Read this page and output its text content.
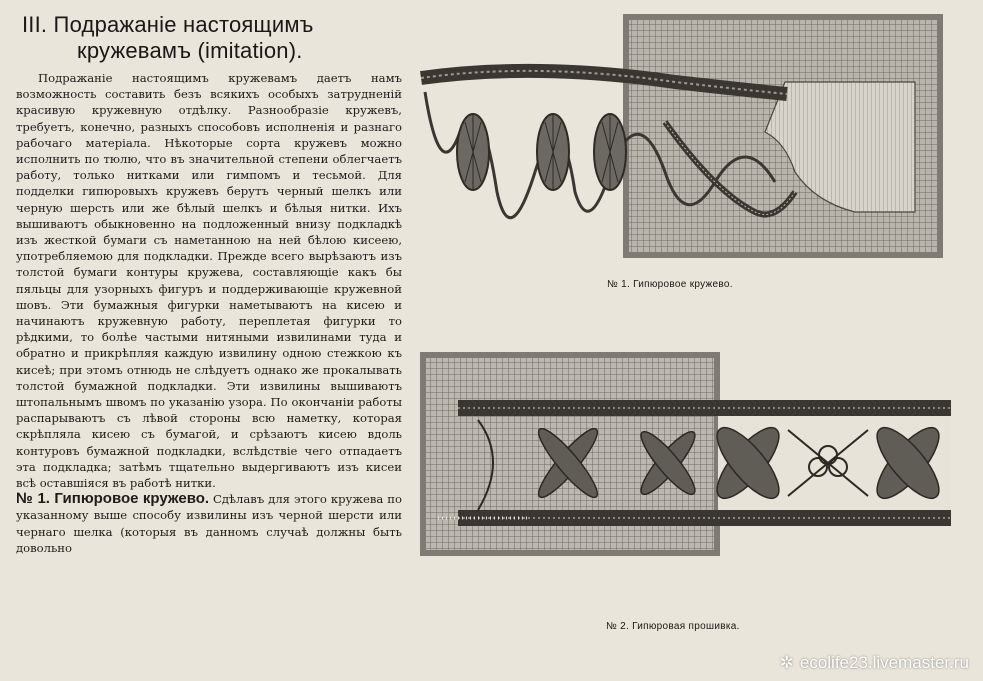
III. Подражанiе настоящимъ
кружевамъ (imitation).

Подражанiе настоящимъ кружевамъ даетъ намъ возможность составить безъ всякихъ особыхъ затрудненiй красивую кружевную отдѣлку. Разнообразiе кружевъ, требуетъ, конечно, разныхъ способовъ исполненiя и разнаго рабочаго матерiала. Нѣкоторые сорта кружевъ можно исполнить по тюлю, что въ значительной степени облегчаетъ работу, только нитками или гимпомъ и тесьмой. Для подделки гипюровыхъ кружевъ берутъ черный шелкъ или черную шерсть или же бѣлый шелкъ и бѣлыя нитки. Ихъ вышиваютъ обыкновенно на подложенный внизу подкладкѣ изъ жесткой бумаги съ наметанною на ней бѣлою кисеею, употребляемою для подкладки. Прежде всего вырѣзаютъ изъ толстой бумаги контуры кружева, составляющiе какъ бы пяльцы для узорныхъ фигуръ и поддерживающiе кружевной шовъ. Эти бумажныя фигурки наметываютъ на кисею и начинаютъ кружевную работу, переплетая фигурки то рѣдкими, то болѣе частыми нитяными извилинами туда и обратно и прикрѣпляя каждую извилину одною стежкою къ кисеѣ; при этомъ отнюдь не слѣдуетъ однако же прокалывать толстой бумажной подкладки. Эти извилины вышиваютъ штопальнымъ швомъ по указанiю узора. По окончанiи работы распарываютъ съ лѣвой стороны всю наметку, которая скрѣпляла кисею съ бумагой, и срѣзаютъ кисею вдоль контуровъ бумажной подкладки, вслѣдствiе чего отпадаетъ эта подкладка; затѣмъ тщательно выдергиваютъ изъ кисеи всѣ оставшiяся въ работѣ нитки.

№ 1. Гипюровое кружево. Сдѣлавъ для этого кружева по указанному выше способу извилины изъ черной шерсти или чернаго шелка (которыя въ данномъ случаѣ должны быть довольно

№ 1. Гипюровое кружево.
№ 2. Гипюровая прошивка.
✲ ecolife23.livemaster.ru
